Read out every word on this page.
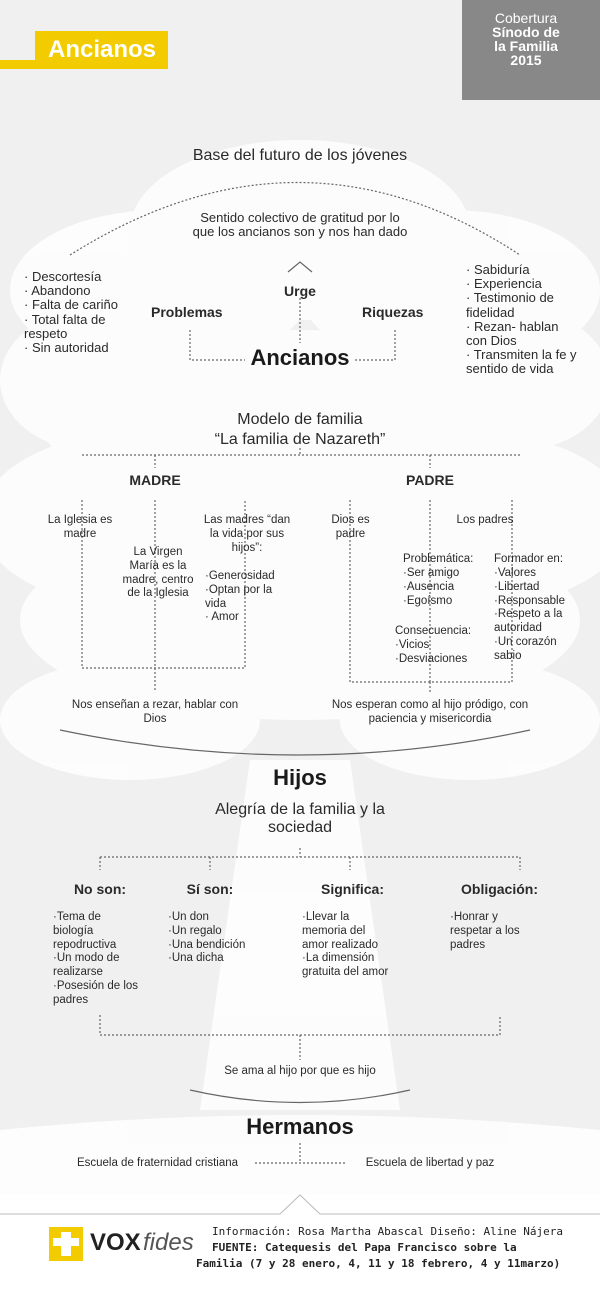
Ancianos
Cobertura
Sínodo de
la Familia
2015
Base del futuro de los jóvenes
Sentido colectivo de gratitud por lo que los ancianos son y nos han dado
· Descortesía
· Abandono
· Falta de cariño
· Total falta de respeto
· Sin autoridad
· Sabiduría
· Experiencia
· Testimonio de fidelidad
· Rezan- hablan con Dios
· Transmiten la fe y sentido de vida
Urge
Problemas	Riquezas
Ancianos
Modelo de familia
“La familia de Nazareth”
MADRE
La Iglesia es madre
La Virgen María es la madre, centro de la Iglesia
Las madres “dan la vida por sus hijos”:
·Generosidad
·Optan por la vida
· Amor
Nos enseñan a rezar, hablar con Dios
PADRE
Dios es padre
Los padres
Problemática:
·Ser amigo
·Ausencia
·Egoísmo
Consecuencia:
·Vicios
·Desviaciones
Formador en:
·Valores
·Libertad
·Responsable
·Respeto a la autoridad
·Un corazón sabio
Nos esperan como al hijo pródigo, con paciencia y misericordia
Hijos
Alegría de la familia y la sociedad
No son:
·Tema de biología repodructiva
·Un modo de realizarse
·Posesión de los padres
Sí son:
·Un don
·Un regalo
·Una bendición
·Una dicha
Significa:
·Llevar la memoria del amor realizado
·La dimensión gratuita del amor
Obligación:
·Honrar y respetar a los padres
Se ama al hijo por que es hijo
Hermanos
Escuela de fraternidad cristiana	Escuela de libertad y paz
VOX fides Información: Rosa Martha Abascal Diseño: Aline Nájera
FUENTE: Catequesis del Papa Francisco sobre la
Familia (7 y 28 enero, 4, 11 y 18 febrero, 4 y 11marzo)
